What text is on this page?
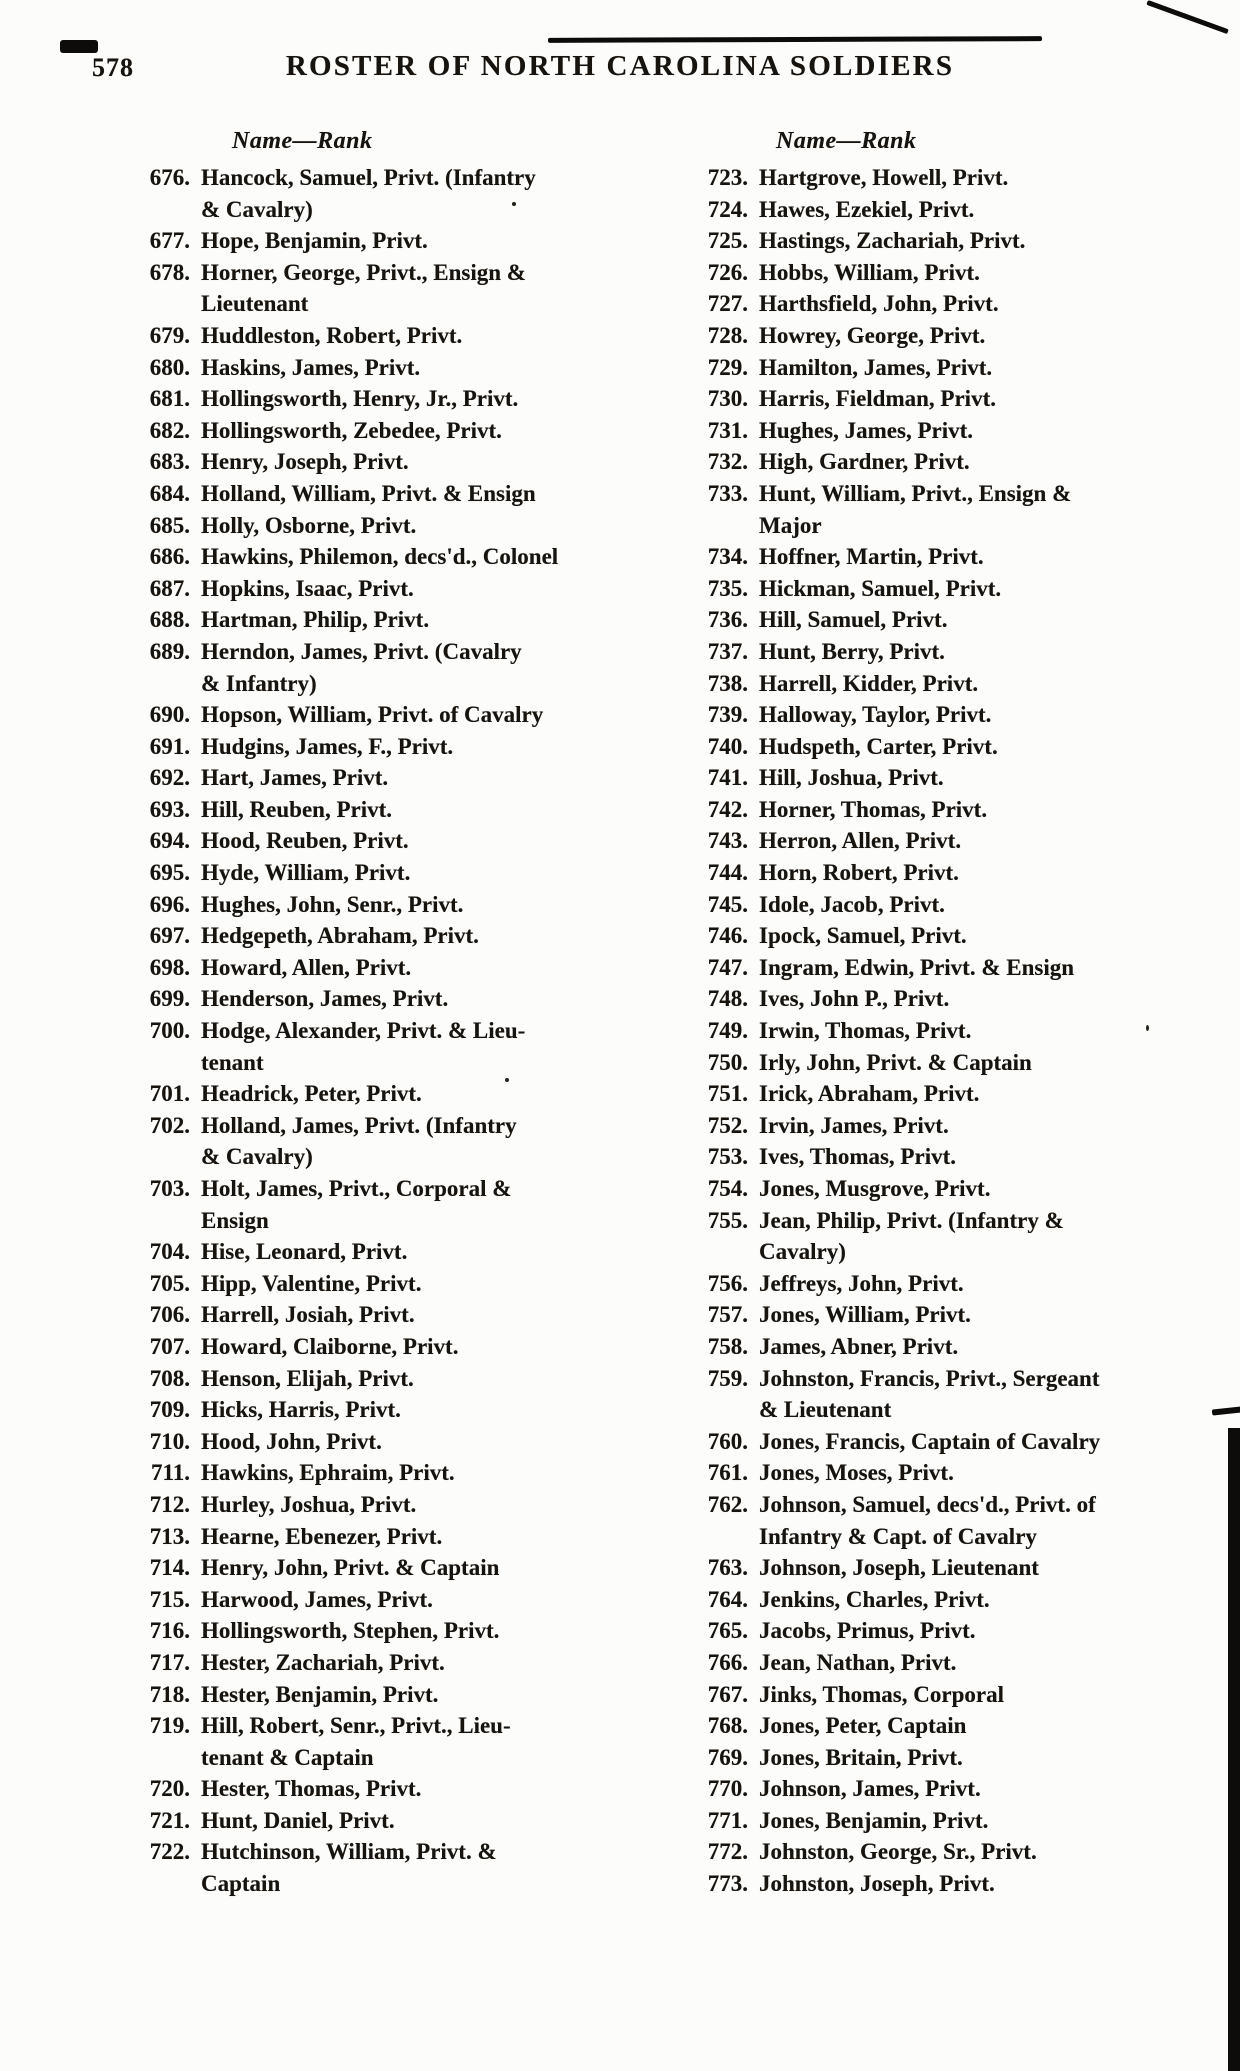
578	ROSTER OF NORTH CAROLINA SOLDIERS
Name—Rank
676. Hancock, Samuel, Privt. (Infantry
& Cavalry)
677. Hope, Benjamin, Privt.
678. Horner, George, Privt., Ensign &
Lieutenant
679. Huddleston, Robert, Privt.
680. Haskins, James, Privt.
681. Hollingsworth, Henry, Jr., Privt.
682. Hollingsworth, Zebedee, Privt.
683. Henry, Joseph, Privt.
684. Holland, William, Privt. & Ensign
685. Holly, Osborne, Privt.
686. Hawkins, Philemon, decs'd., Colonel
687. Hopkins, Isaac, Privt.
688. Hartman, Philip, Privt.
689. Herndon, James, Privt. (Cavalry
& Infantry)
690. Hopson, William, Privt. of Cavalry
691. Hudgins, James, F., Privt.
692. Hart, James, Privt.
693. Hill, Reuben, Privt.
694. Hood, Reuben, Privt.
695. Hyde, William, Privt.
696. Hughes, John, Senr., Privt.
697. Hedgepeth, Abraham, Privt.
698. Howard, Allen, Privt.
699. Henderson, James, Privt.
700. Hodge, Alexander, Privt. & Lieu-
tenant
701. Headrick, Peter, Privt.
702. Holland, James, Privt. (Infantry
& Cavalry)
703. Holt, James, Privt., Corporal &
Ensign
704. Hise, Leonard, Privt.
705. Hipp, Valentine, Privt.
706. Harrell, Josiah, Privt.
707. Howard, Claiborne, Privt.
708. Henson, Elijah, Privt.
709. Hicks, Harris, Privt.
710. Hood, John, Privt.
711. Hawkins, Ephraim, Privt.
712. Hurley, Joshua, Privt.
713. Hearne, Ebenezer, Privt.
714. Henry, John, Privt. & Captain
715. Harwood, James, Privt.
716. Hollingsworth, Stephen, Privt.
717. Hester, Zachariah, Privt.
718. Hester, Benjamin, Privt.
719. Hill, Robert, Senr., Privt., Lieu-
tenant & Captain
720. Hester, Thomas, Privt.
721. Hunt, Daniel, Privt.
722. Hutchinson, William, Privt. &
Captain
Name—Rank
723. Hartgrove, Howell, Privt.
724. Hawes, Ezekiel, Privt.
725. Hastings, Zachariah, Privt.
726. Hobbs, William, Privt.
727. Harthsfield, John, Privt.
728. Howrey, George, Privt.
729. Hamilton, James, Privt.
730. Harris, Fieldman, Privt.
731. Hughes, James, Privt.
732. High, Gardner, Privt.
733. Hunt, William, Privt., Ensign &
Major
734. Hoffner, Martin, Privt.
735. Hickman, Samuel, Privt.
736. Hill, Samuel, Privt.
737. Hunt, Berry, Privt.
738. Harrell, Kidder, Privt.
739. Halloway, Taylor, Privt.
740. Hudspeth, Carter, Privt.
741. Hill, Joshua, Privt.
742. Horner, Thomas, Privt.
743. Herron, Allen, Privt.
744. Horn, Robert, Privt.
745. Idole, Jacob, Privt.
746. Ipock, Samuel, Privt.
747. Ingram, Edwin, Privt. & Ensign
748. Ives, John P., Privt.
749. Irwin, Thomas, Privt.
750. Irly, John, Privt. & Captain
751. Irick, Abraham, Privt.
752. Irvin, James, Privt.
753. Ives, Thomas, Privt.
754. Jones, Musgrove, Privt.
755. Jean, Philip, Privt. (Infantry &
Cavalry)
756. Jeffreys, John, Privt.
757. Jones, William, Privt.
758. James, Abner, Privt.
759. Johnston, Francis, Privt., Sergeant
& Lieutenant
760. Jones, Francis, Captain of Cavalry
761. Jones, Moses, Privt.
762. Johnson, Samuel, decs'd., Privt. of
Infantry & Capt. of Cavalry
763. Johnson, Joseph, Lieutenant
764. Jenkins, Charles, Privt.
765. Jacobs, Primus, Privt.
766. Jean, Nathan, Privt.
767. Jinks, Thomas, Corporal
768. Jones, Peter, Captain
769. Jones, Britain, Privt.
770. Johnson, James, Privt.
771. Jones, Benjamin, Privt.
772. Johnston, George, Sr., Privt.
773. Johnston, Joseph, Privt.
